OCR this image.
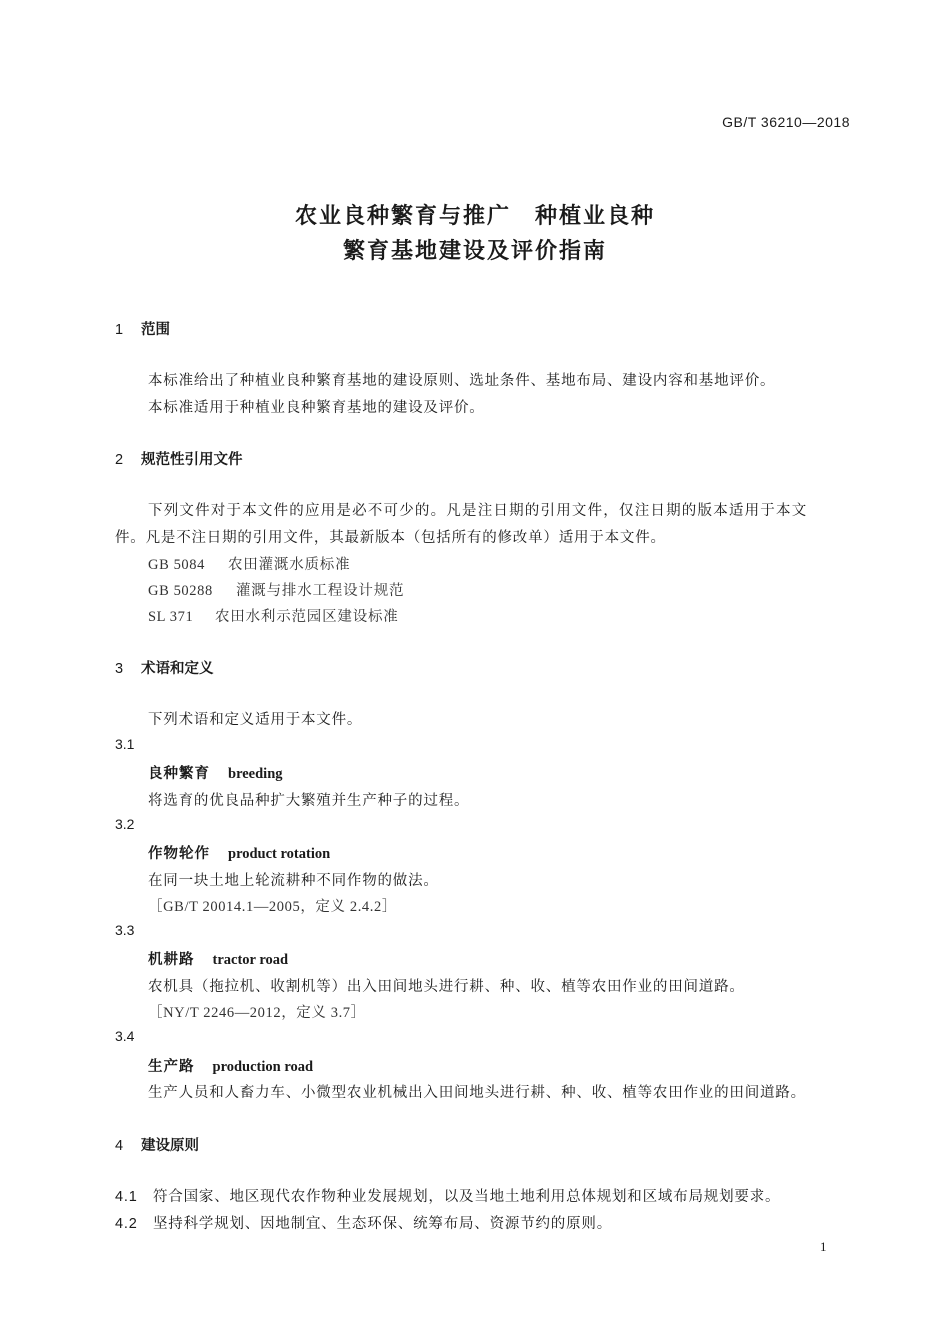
GB/T 36210—2018
农业良种繁育与推广　种植业良种
繁育基地建设及评价指南
1 范围
本标准给出了种植业良种繁育基地的建设原则、选址条件、基地布局、建设内容和基地评价。
本标准适用于种植业良种繁育基地的建设及评价。
2 规范性引用文件
下列文件对于本文件的应用是必不可少的。凡是注日期的引用文件，仅注日期的版本适用于本文
件。凡是不注日期的引用文件，其最新版本（包括所有的修改单）适用于本文件。
GB 5084 农田灌溉水质标准
GB 50288 灌溉与排水工程设计规范
SL 371 农田水利示范园区建设标准
3 术语和定义
下列术语和定义适用于本文件。
3.1
良种繁育 breeding
将选育的优良品种扩大繁殖并生产种子的过程。
3.2
作物轮作 product rotation
在同一块土地上轮流耕种不同作物的做法。
［GB/T 20014.1—2005，定义 2.4.2］
3.3
机耕路 tractor road
农机具（拖拉机、收割机等）出入田间地头进行耕、种、收、植等农田作业的田间道路。
［NY/T 2246—2012，定义 3.7］
3.4
生产路 production road
生产人员和人畜力车、小微型农业机械出入田间地头进行耕、种、收、植等农田作业的田间道路。
4 建设原则
4.1 符合国家、地区现代农作物种业发展规划，以及当地土地利用总体规划和区域布局规划要求。
4.2 坚持科学规划、因地制宜、生态环保、统筹布局、资源节约的原则。
1
